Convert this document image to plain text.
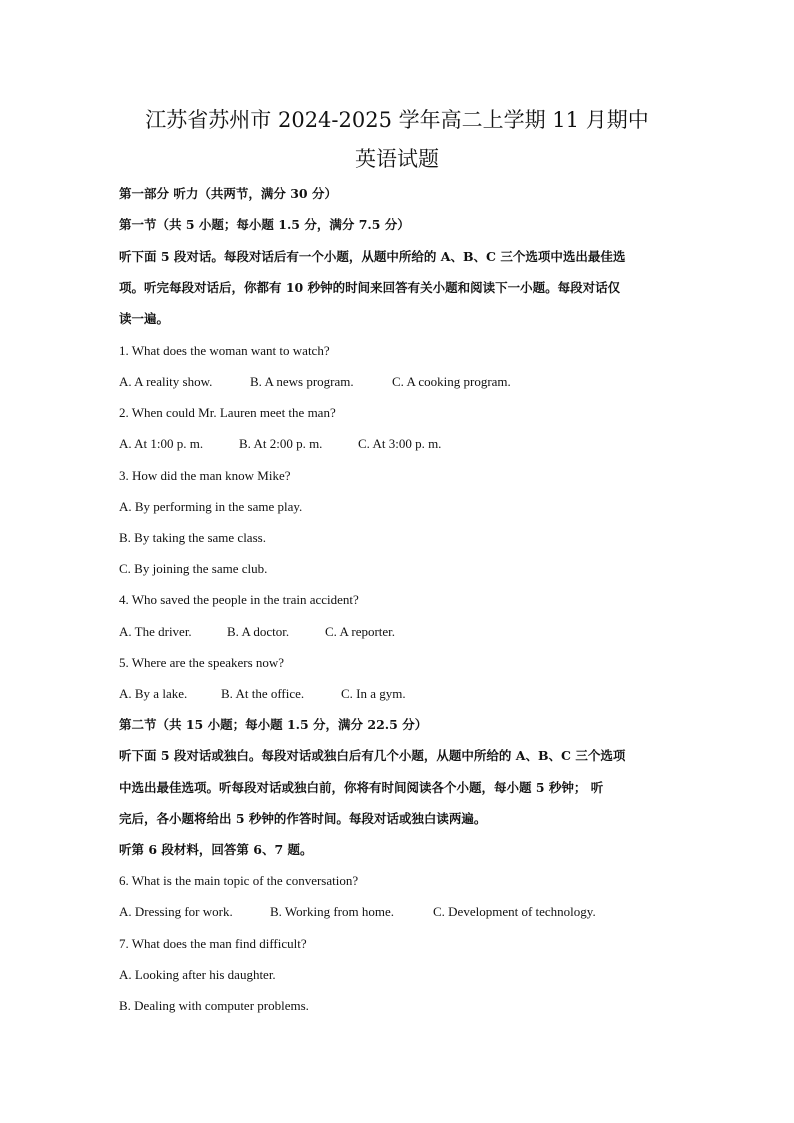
江苏省苏州市 2024-2025 学年高二上学期 11 月期中
英语试题
第一部分 听力（共两节，满分 30 分）
第一节（共 5 小题；每小题 1.5 分，满分 7.5 分）
听下面 5 段对话。每段对话后有一个小题，从题中所给的 A、B、C 三个选项中选出最佳选
项。听完每段对话后，你都有 10 秒钟的时间来回答有关小题和阅读下一小题。每段对话仅
读一遍。
1. What does the woman want to watch?
A. A reality show.	B. A news program.	C. A cooking program.
2. When could Mr. Lauren meet the man?
A. At 1:00 p. m.	B. At 2:00 p. m.	C. At 3:00 p. m.
3. How did the man know Mike?
A. By performing in the same play.
B. By taking the same class.
C. By joining the same club.
4. Who saved the people in the train accident?
A. The driver.	B. A doctor.	C. A reporter.
5. Where are the speakers now?
A. By a lake.	B. At the office.	C. In a gym.
第二节（共 15 小题；每小题 1.5 分，满分 22.5 分）
听下面 5 段对话或独白。每段对话或独白后有几个小题，从题中所给的 A、B、C 三个选项
中选出最佳选项。听每段对话或独白前，你将有时间阅读各个小题，每小题 5 秒钟； 听
完后，各小题将给出 5 秒钟的作答时间。每段对话或独白读两遍。
听第 6 段材料，回答第 6、7 题。
6. What is the main topic of the conversation?
A. Dressing for work.	B. Working from home.	C. Development of technology.
7. What does the man find difficult?
A. Looking after his daughter.
B. Dealing with computer problems.
